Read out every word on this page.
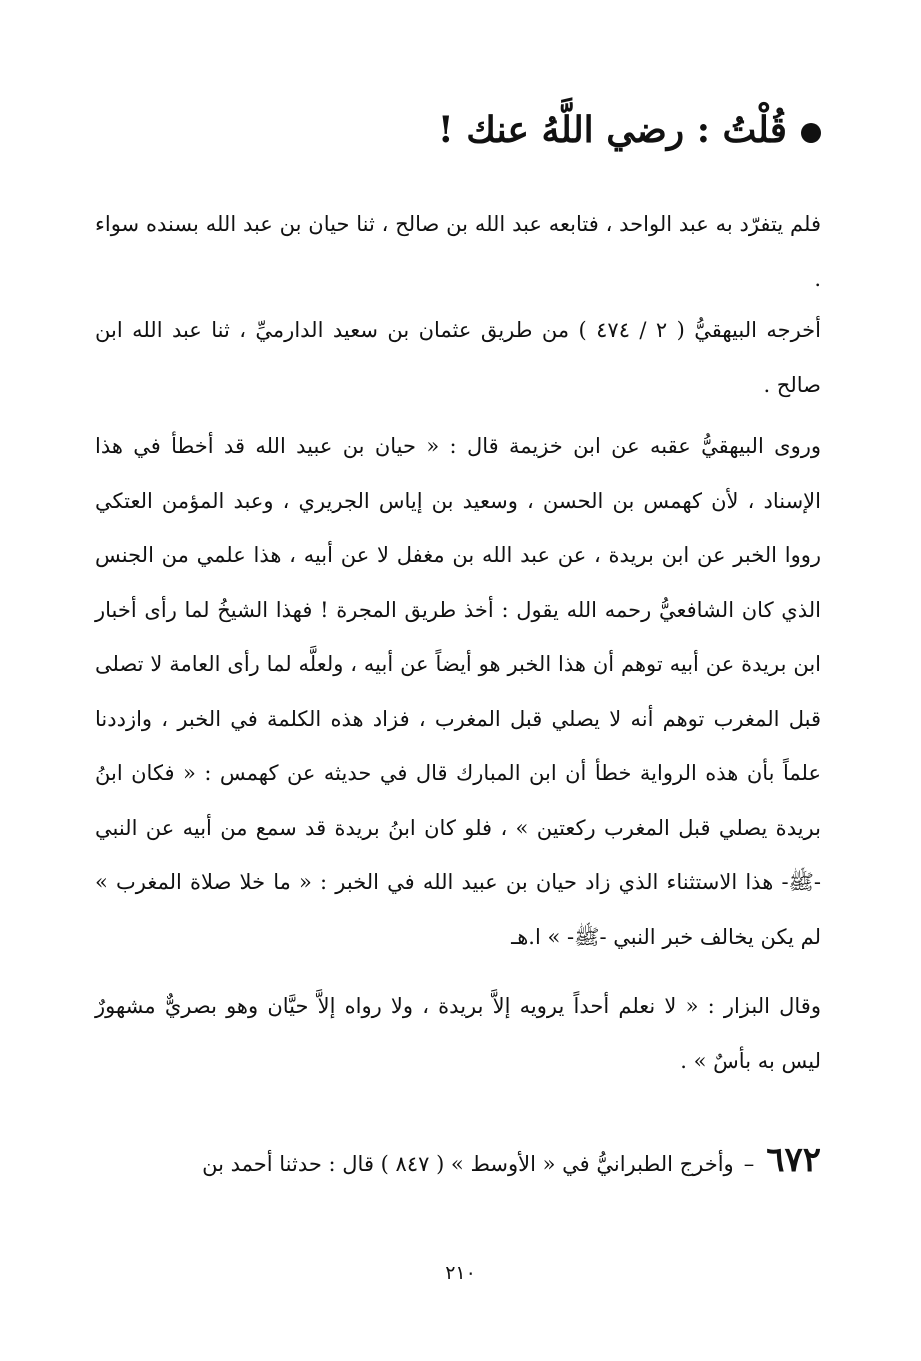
قُلْتُ : رضي اللَّهُ عنك !

فلم يتفرّد به عبد الواحد ، فتابعه عبد الله بن صالح ، ثنا حيان بن عبد الله بسنده سواء .

أخرجه البيهقيُّ ( ٢ / ٤٧٤ ) من طريق عثمان بن سعيد الدارميِّ ، ثنا عبد الله ابن صالح .

وروى البيهقيُّ عقبه عن ابن خزيمة قال : « حيان بن عبيد الله قد أخطأ في هذا الإسناد ، لأن كهمس بن الحسن ، وسعيد بن إياس الجريري ، وعبد المؤمن العتكي رووا الخبر عن ابن بريدة ، عن عبد الله بن مغفل لا عن أبيه ، هذا علمي من الجنس الذي كان الشافعيُّ رحمه الله يقول : أخذ طريق المجرة ! فهذا الشيخُ لما رأى أخبار ابن بريدة عن أبيه توهم أن هذا الخبر هو أيضاً عن أبيه ، ولعلَّه لما رأى العامة لا تصلى قبل المغرب توهم أنه لا يصلي قبل المغرب ، فزاد هذه الكلمة في الخبر ، وازددنا علماً بأن هذه الرواية خطأ أن ابن المبارك قال في حديثه عن كهمس : « فكان ابنُ بريدة يصلي قبل المغرب ركعتين » ، فلو كان ابنُ بريدة قد سمع من أبيه عن النبي -ﷺ- هذا الاستثناء الذي زاد حيان بن عبيد الله في الخبر : « ما خلا صلاة المغرب » لم يكن يخالف خبر النبي -ﷺ- » ا.هـ

وقال البزار : « لا نعلم أحداً يرويه إلاَّ بريدة ، ولا رواه إلاَّ حيَّان وهو بصريٌّ مشهورٌ ليس به بأسٌ » .

٦٧٢–وأخرج الطبرانيُّ في « الأوسط » ( ٨٤٧ ) قال : حدثنا أحمد بن
٢١٠
